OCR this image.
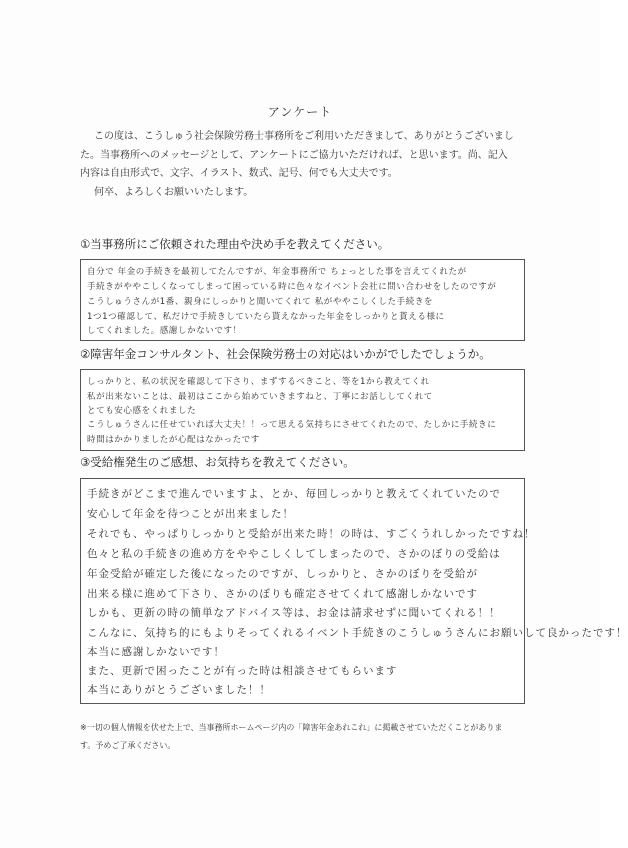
アンケート

この度は、こうしゅう社会保険労務士事務所をご利用いただきまして、ありがとうございまし

た。当事務所へのメッセージとして、アンケートにご協力いただければ、と思います。尚、記入

内容は自由形式で、文字、イラスト、数式、記号、何でも大丈夫です。

何卒、よろしくお願いいたします。

①当事務所にご依頼された理由や決め手を教えてください。
自分で 年金の手続きを最初してたんですが、年金事務所で ちょっとした事を言えてくれたが
手続きがややこしくなってしまって困っている時に色々なイベント会社に問い合わせをしたのですが
こうしゅうさんが1番、親身にしっかりと聞いてくれて 私がややこしくした手続きを
1つ1つ確認して、私だけで手続きしていたら貰えなかった年金をしっかりと貰える様に
してくれました。感謝しかないです！
②障害年金コンサルタント、社会保険労務士の対応はいかがでしたでしょうか。
しっかりと、私の状況を確認して下さり、まずするべきこと、等を1から教えてくれ
私が出来ないことは、最初はここから始めていきますねと、丁寧にお話ししてくれて
とても安心感をくれました
こうしゅうさんに任せていれば大丈夫！！って思える気持ちにさせてくれたので、たしかに手続きに
時間はかかりましたが心配はなかったです
③受給権発生のご感想、お気持ちを教えてください。
手続きがどこまで進んでいますよ、とか、毎回しっかりと教えてくれていたので
安心して年金を待つことが出来ました！
それでも、やっぱりしっかりと受給が出来た時！の時は、すごくうれしかったですね！
色々と私の手続きの進め方をややこしくしてしまったので、さかのぼりの受給は
年金受給が確定した後になったのですが、しっかりと、さかのぼりを受給が
出来る様に進めて下さり、さかのぼりも確定させてくれて感謝しかないです
しかも、更新の時の簡単なアドバイス等は、お金は請求せずに聞いてくれる！！
こんなに、気持ち的にもよりそってくれるイベント手続きのこうしゅうさんにお願いして良かったです！
本当に感謝しかないです！
また、更新で困ったことが有った時は相談させてもらいます
本当にありがとうございました！！
※一切の個人情報を伏せた上で、当事務所ホームページ内の「障害年金あれこれ」に掲載させていただくことがありま
す。予めご了承ください。
